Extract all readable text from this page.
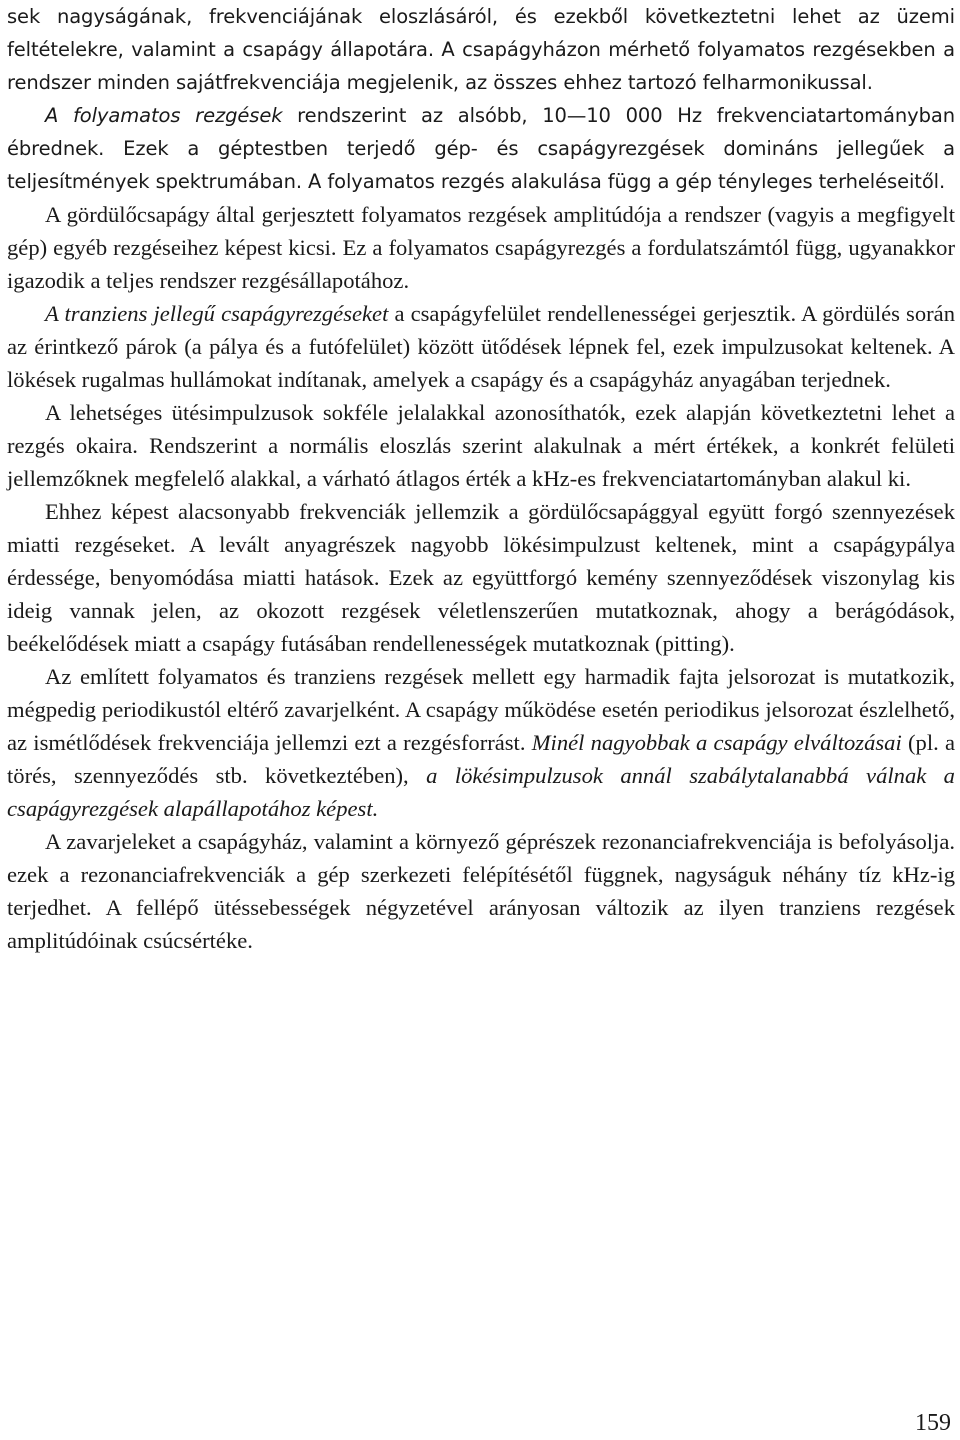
sek nagyságának, frekvenciájának eloszlásáról, és ezekből következtetni lehet az üzemi feltételekre, valamint a csapágy állapotára. A csapágyházon mérhető folyamatos rezgésekben a rendszer minden sajátfrekvenciája megjelenik, az összes ehhez tartozó felharmonikussal.

A folyamatos rezgések rendszerint az alsóbb, 10—10 000 Hz frekvenciatartományban ébrednek. Ezek a géptestben terjedő gép- és csapágyrezgések domináns jellegűek a teljesítmények spektrumában. A folyamatos rezgés alakulása függ a gép tényleges terheléseitől.

A gördülőcsapágy által gerjesztett folyamatos rezgések amplitúdója a rendszer (vagyis a megfigyelt gép) egyéb rezgéseihez képest kicsi. Ez a folyamatos csapágyrezgés a fordulatszámtól függ, ugyanakkor igazodik a teljes rendszer rezgésállapotához.

A tranziens jellegű csapágyrezgéseket a csapágyfelület rendellenességei gerjesztik. A gördülés során az érintkező párok (a pálya és a futófelület) között ütődések lépnek fel, ezek impulzusokat keltenek. A lökések rugalmas hullámokat indítanak, amelyek a csapágy és a csapágyház anyagában terjednek.

A lehetséges ütésimpulzusok sokféle jelalakkal azonosíthatók, ezek alapján következtetni lehet a rezgés okaira. Rendszerint a normális eloszlás szerint alakulnak a mért értékek, a konkrét felületi jellemzőknek megfelelő alakkal, a várható átlagos érték a kHz-es frekvenciatartományban alakul ki.

Ehhez képest alacsonyabb frekvenciák jellemzik a gördülőcsapággyal együtt forgó szennyezések miatti rezgéseket. A levált anyagrészek nagyobb lökésimpulzust keltenek, mint a csapágypálya érdessége, benyomódása miatti hatások. Ezek az együttforgó kemény szennyeződések viszonylag kis ideig vannak jelen, az okozott rezgések véletlenszerűen mutatkoznak, ahogy a berágódások, beékelődések miatt a csapágy futásában rendellenességek mutatkoznak (pitting).

Az említett folyamatos és tranziens rezgések mellett egy harmadik fajta jelsorozat is mutatkozik, mégpedig periodikustól eltérő zavarjelként. A csapágy működése esetén periodikus jelsorozat észlelhető, az ismétlődések frekvenciája jellemzi ezt a rezgésforrást. Minél nagyobbak a csapágy elváltozásai (pl. a törés, szennyeződés stb. következtében), a lökésimpulzusok annál szabálytalanabbá válnak a csapágyrezgések alapállapotához képest.

A zavarjeleket a csapágyház, valamint a környező géprészek rezonanciafrekvenciája is befolyásolja. ezek a rezonanciafrekvenciák a gép szerkezeti felépítésétől függnek, nagyságuk néhány tíz kHz-ig terjedhet. A fellépő ütéssebességek négyzetével arányosan változik az ilyen tranziens rezgések amplitúdóinak csúcsértéke.

159
